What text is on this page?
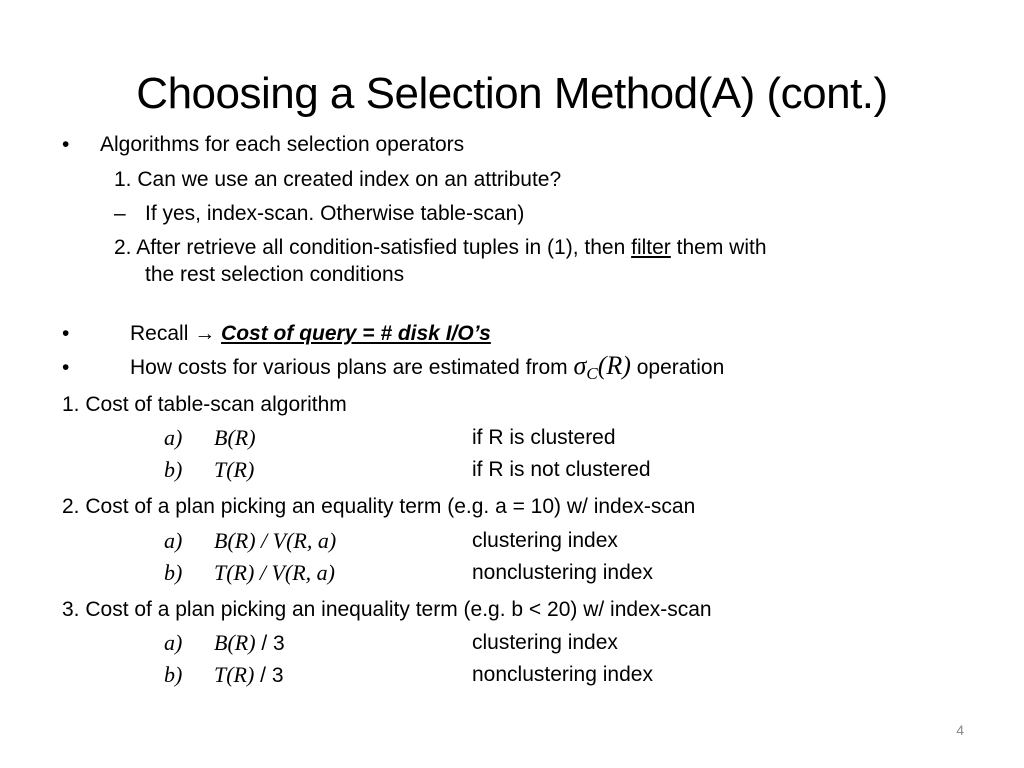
Choosing a Selection Method(A) (cont.)
• Algorithms for each selection operators
1. Can we use an created index on an attribute?
– If yes, index-scan. Otherwise table-scan)
2. After retrieve all condition-satisfied tuples in (1), then filter them with
the rest selection conditions
•	Recall → Cost of query = # disk I/O’s
•	How costs for various plans are estimated from $\sigma_C(R)$ operation
1. Cost of table-scan algorithm
a) B(R)	if R is clustered
b) T(R)	if R is not clustered
2. Cost of a plan picking an equality term (e.g. a = 10) w/ index-scan
a) B(R) / V(R, a)	clustering index
b) T(R) / V(R, a)	nonclustering index
3. Cost of a plan picking an inequality term (e.g. b < 20) w/ index-scan
a) B(R) / 3	clustering index
b) T(R) / 3	nonclustering index
4
